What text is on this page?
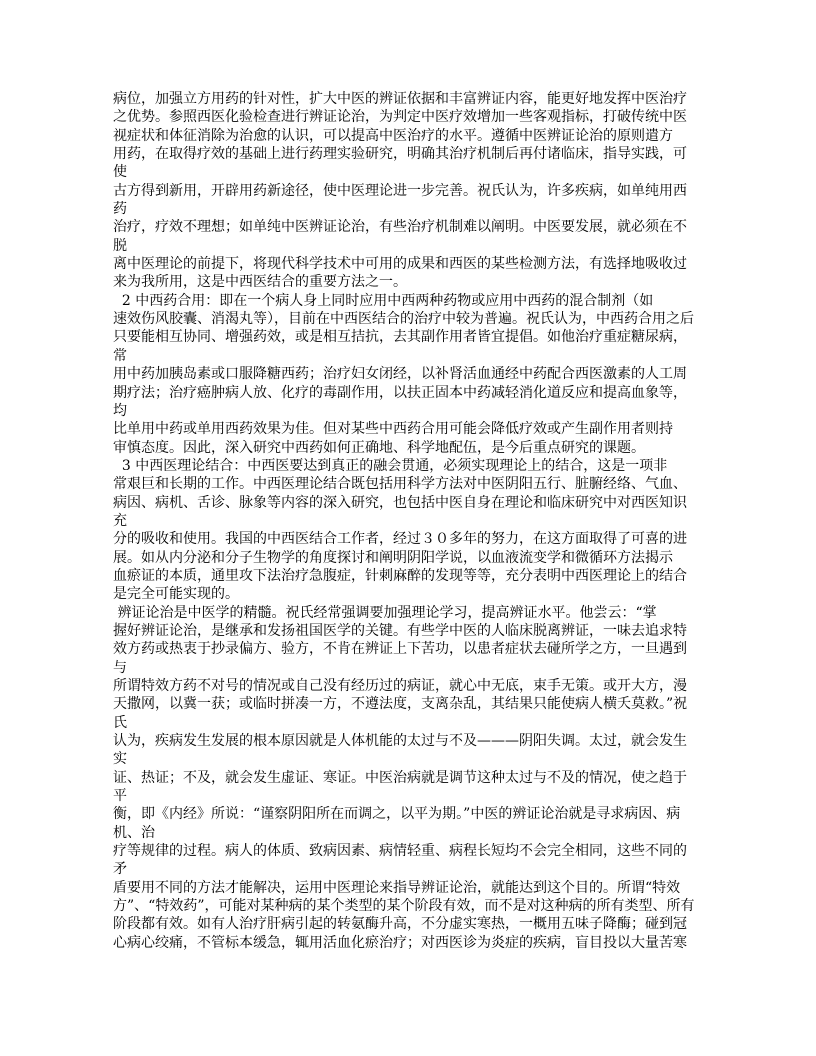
病位，加强立方用药的针对性，扩大中医的辨证依据和丰富辨证内容，能更好地发挥中医治疗
之优势。参照西医化验检查进行辨证论治，为判定中医疗效增加一些客观指标，打破传统中医
视症状和体征消除为治愈的认识，可以提高中医治疗的水平。遵循中医辨证论治的原则遣方
用药，在取得疗效的基础上进行药理实验研究，明确其治疗机制后再付诸临床，指导实践，可
使
古方得到新用，开辟用药新途径，使中医理论进一步完善。祝氏认为，许多疾病，如单纯用西
药
治疗，疗效不理想；如单纯中医辨证论治，有些治疗机制难以阐明。中医要发展，就必须在不
脱
离中医理论的前提下，将现代科学技术中可用的成果和西医的某些检测方法，有选择地吸收过
来为我所用，这是中西医结合的重要方法之一。
2 中西药合用：即在一个病人身上同时应用中西两种药物或应用中西药的混合制剂（如
速效伤风胶囊、消渴丸等），目前在中西医结合的治疗中较为普遍。祝氏认为，中西药合用之后
只要能相互协同、增强药效，或是相互拮抗，去其副作用者皆宜提倡。如他治疗重症糖尿病，
常
用中药加胰岛素或口服降糖西药；治疗妇女闭经，以补肾活血通经中药配合西医激素的人工周
期疗法；治疗癌肿病人放、化疗的毒副作用，以扶正固本中药减轻消化道反应和提高血象等，
均
比单用中药或单用西药效果为佳。但对某些中西药合用可能会降低疗效或产生副作用者则持
审慎态度。因此，深入研究中西药如何正确地、科学地配伍，是今后重点研究的课题。
3 中西医理论结合：中西医要达到真正的融会贯通，必须实现理论上的结合，这是一项非
常艰巨和长期的工作。中西医理论结合既包括用科学方法对中医阴阳五行、脏腑经络、气血、
病因、病机、舌诊、脉象等内容的深入研究，也包括中医自身在理论和临床研究中对西医知识
充
分的吸收和使用。我国的中西医结合工作者，经过３０多年的努力，在这方面取得了可喜的进
展。如从内分泌和分子生物学的角度探讨和阐明阴阳学说，以血液流变学和微循环方法揭示
血瘀证的本质，通里攻下法治疗急腹症，针刺麻醉的发现等等，充分表明中西医理论上的结合
是完全可能实现的。
辨证论治是中医学的精髓。祝氏经常强调要加强理论学习，提高辨证水平。他尝云：“掌
握好辨证论治，是继承和发扬祖国医学的关键。有些学中医的人临床脱离辨证，一味去追求特
效方药或热衷于抄录偏方、验方，不肯在辨证上下苦功，以患者症状去碰所学之方，一旦遇到
与
所谓特效方药不对号的情况或自己没有经历过的病证，就心中无底，束手无策。或开大方，漫
天撒网，以冀一获；或临时拼凑一方，不遵法度，支离杂乱，其结果只能使病人横夭莫救。”祝
氏
认为，疾病发生发展的根本原因就是人体机能的太过与不及———阴阳失调。太过，就会发生
实
证、热证；不及，就会发生虚证、寒证。中医治病就是调节这种太过与不及的情况，使之趋于
平
衡，即《内经》所说：“谨察阴阳所在而调之，以平为期。”中医的辨证论治就是寻求病因、病
机、治
疗等规律的过程。病人的体质、致病因素、病情轻重、病程长短均不会完全相同，这些不同的
矛
盾要用不同的方法才能解决，运用中医理论来指导辨证论治，就能达到这个目的。所谓“特效
方”、“特效药”，可能对某种病的某个类型的某个阶段有效，而不是对这种病的所有类型、所有
阶段都有效。如有人治疗肝病引起的转氨酶升高，不分虚实寒热，一概用五味子降酶；碰到冠
心病心绞痛，不管标本缓急，辄用活血化瘀治疗；对西医诊为炎症的疾病，盲目投以大量苦寒
